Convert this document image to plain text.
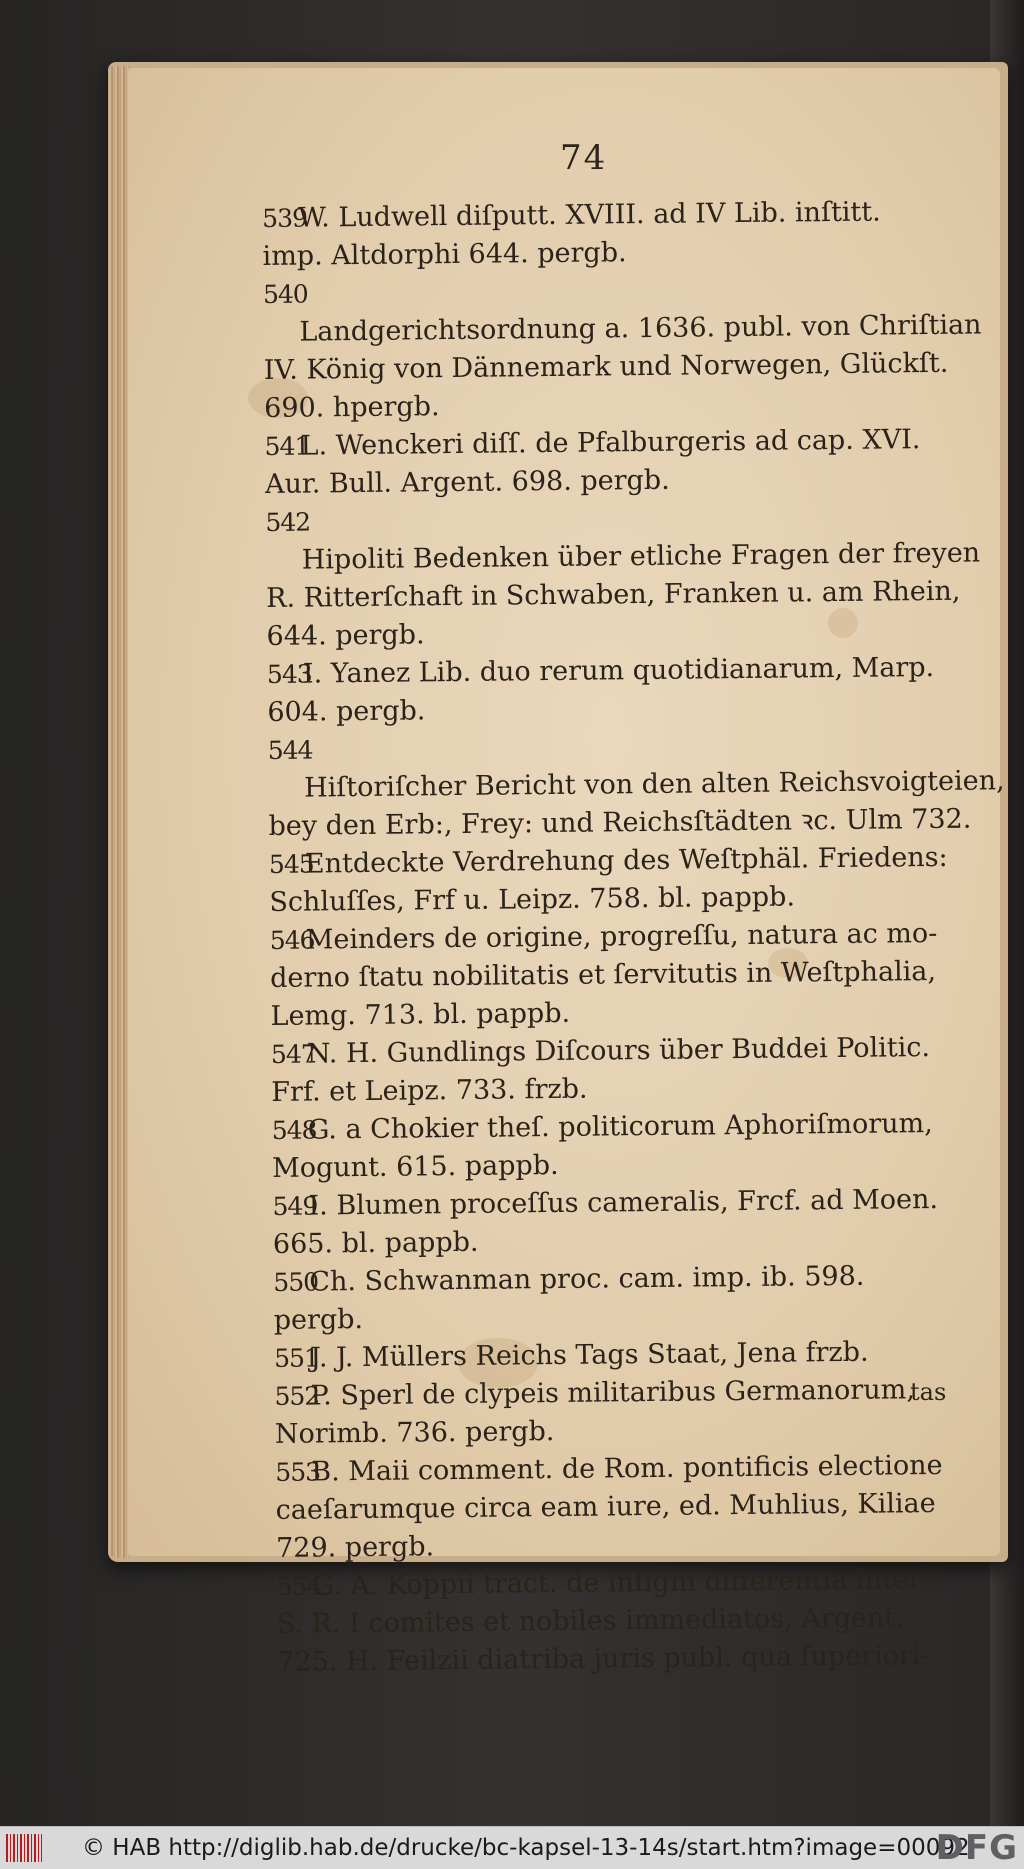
74
539W. Ludwell diſputt. XVIII. ad IV Lib. inſtitt.

imp. Altdorphi 644. pergb.
540Landgerichtsordnung a. 1636. publ. von Chriſtian

IV. König von Dännemark und Norwegen, Glückſt.
690. hpergb.
541L. Wenckeri diſſ. de Pfalburgeris ad cap. XVI.

Aur. Bull. Argent. 698. pergb.
542Hipoliti Bedenken über etliche Fragen der freyen

R. Ritterſchaft in Schwaben, Franken u. am Rhein,
644. pergb.
543I. Yanez Lib. duo rerum quotidianarum, Marp.

604. pergb.
544Hiſtoriſcher Bericht von den alten Reichsvoigteien,

bey den Erb:, Frey: und Reichsſtädten ꝛc. Ulm 732.
545Entdeckte Verdrehung des Weſtphäl. Friedens:

Schluſſes, Frf u. Leipz. 758. bl. pappb.
546Meinders de origine, progreſſu, natura ac mo-

derno ſtatu nobilitatis et ſervitutis in Weſtphalia,
Lemg. 713. bl. pappb.
547N. H. Gundlings Diſcours über Buddei Politic.

Frf. et Leipz. 733. frzb.
548G. a Chokier theſ. politicorum Aphoriſmorum,

Mogunt. 615. pappb.
549I. Blumen proceſſus cameralis, Frcf. ad Moen.

665. bl. pappb.
550Ch. Schwanman proc. cam. imp. ib. 598.

pergb.
551J. J. Müllers Reichs Tags Staat, Jena frzb.
552P. Sperl de clypeis militaribus Germanorum,

Norimb. 736. pergb.
553B. Maii comment. de Rom. pontificis electione

caeſarumque circa eam iure, ed. Muhlius, Kiliae
729. pergb.
554G. A. Koppii tract. de inſigni differentia inter

S. R. I comites et nobiles immediatos, Argent.
725. H. Feilzii diatriba juris publ. qua ſuperiori-
tas
© HAB http://diglib.hab.de/drucke/bc-kapsel-13-14s/start.htm?image=00092
DFG
